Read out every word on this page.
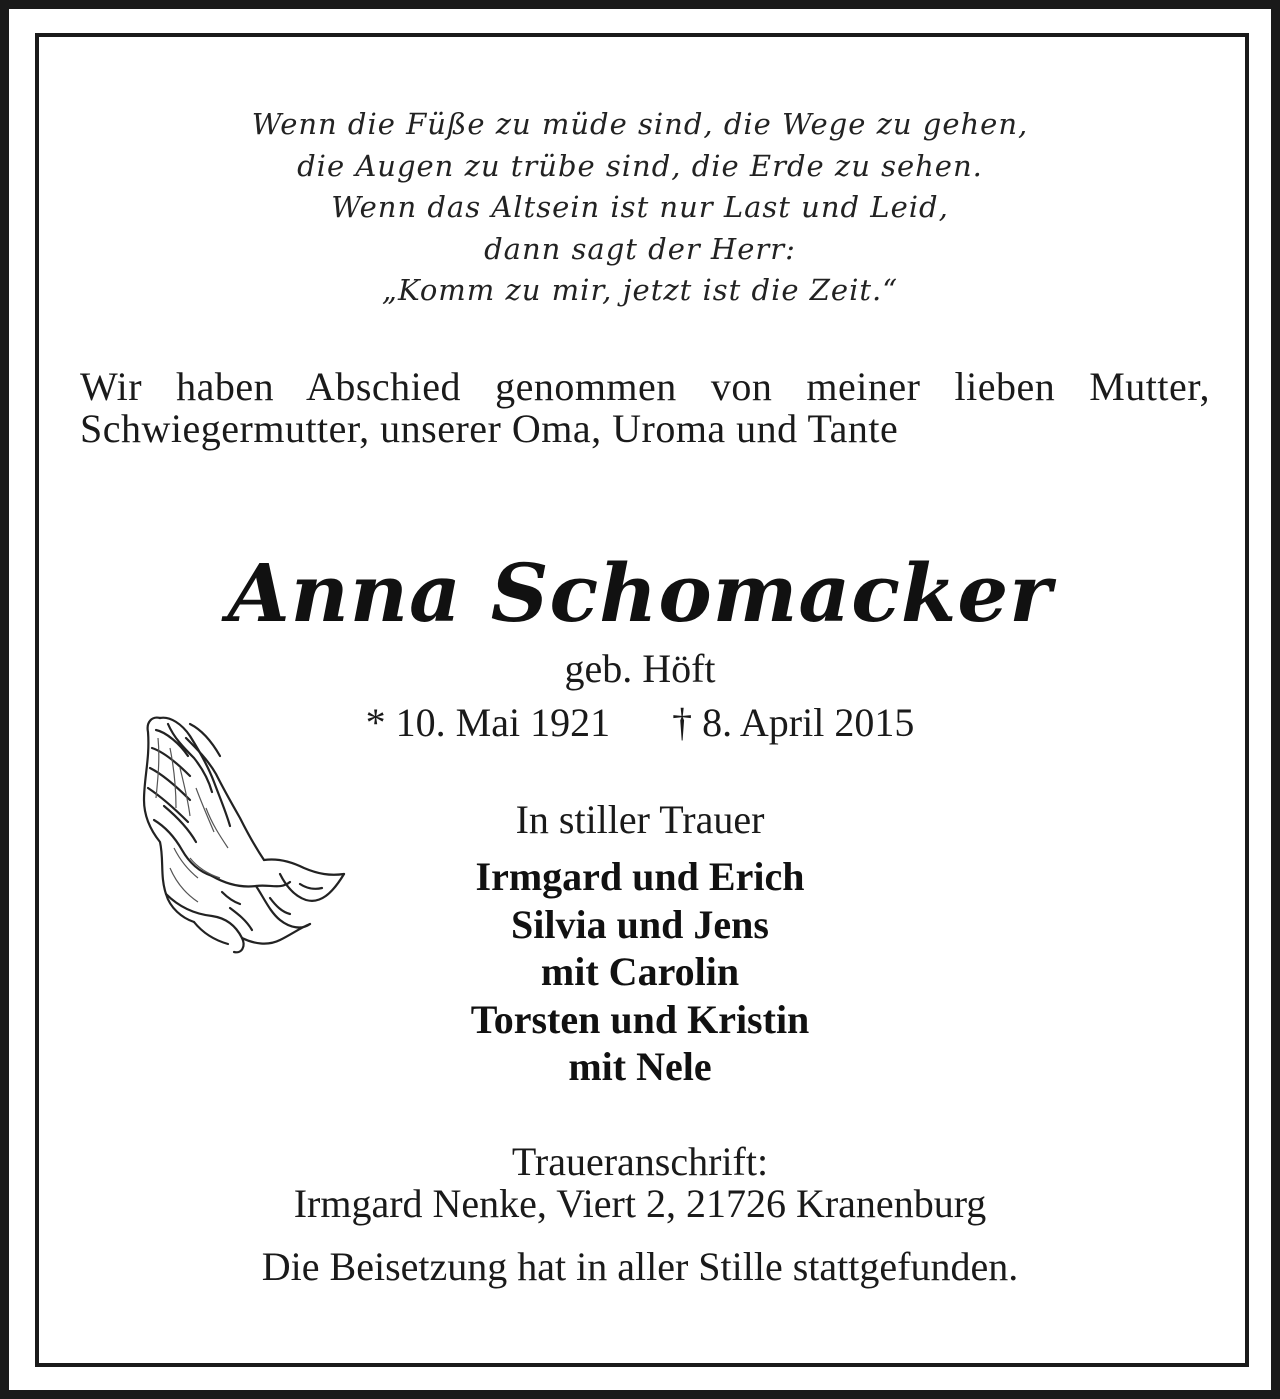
Wenn die Füße zu müde sind, die Wege zu gehen,
die Augen zu trübe sind, die Erde zu sehen.
Wenn das Altsein ist nur Last und Leid,
dann sagt der Herr:
„Komm zu mir, jetzt ist die Zeit.“
Wir haben Abschied genommen von meiner lieben Mutter, Schwiegermutter, unserer Oma, Uroma und Tante
Anna Schomacker
geb. Höft
* 10. Mai 1921 † 8. April 2015
In stiller Trauer
Irmgard und Erich
Silvia und Jens
mit Carolin
Torsten und Kristin
mit Nele
Traueranschrift:
Irmgard Nenke, Viert 2, 21726 Kranenburg
Die Beisetzung hat in aller Stille stattgefunden.
